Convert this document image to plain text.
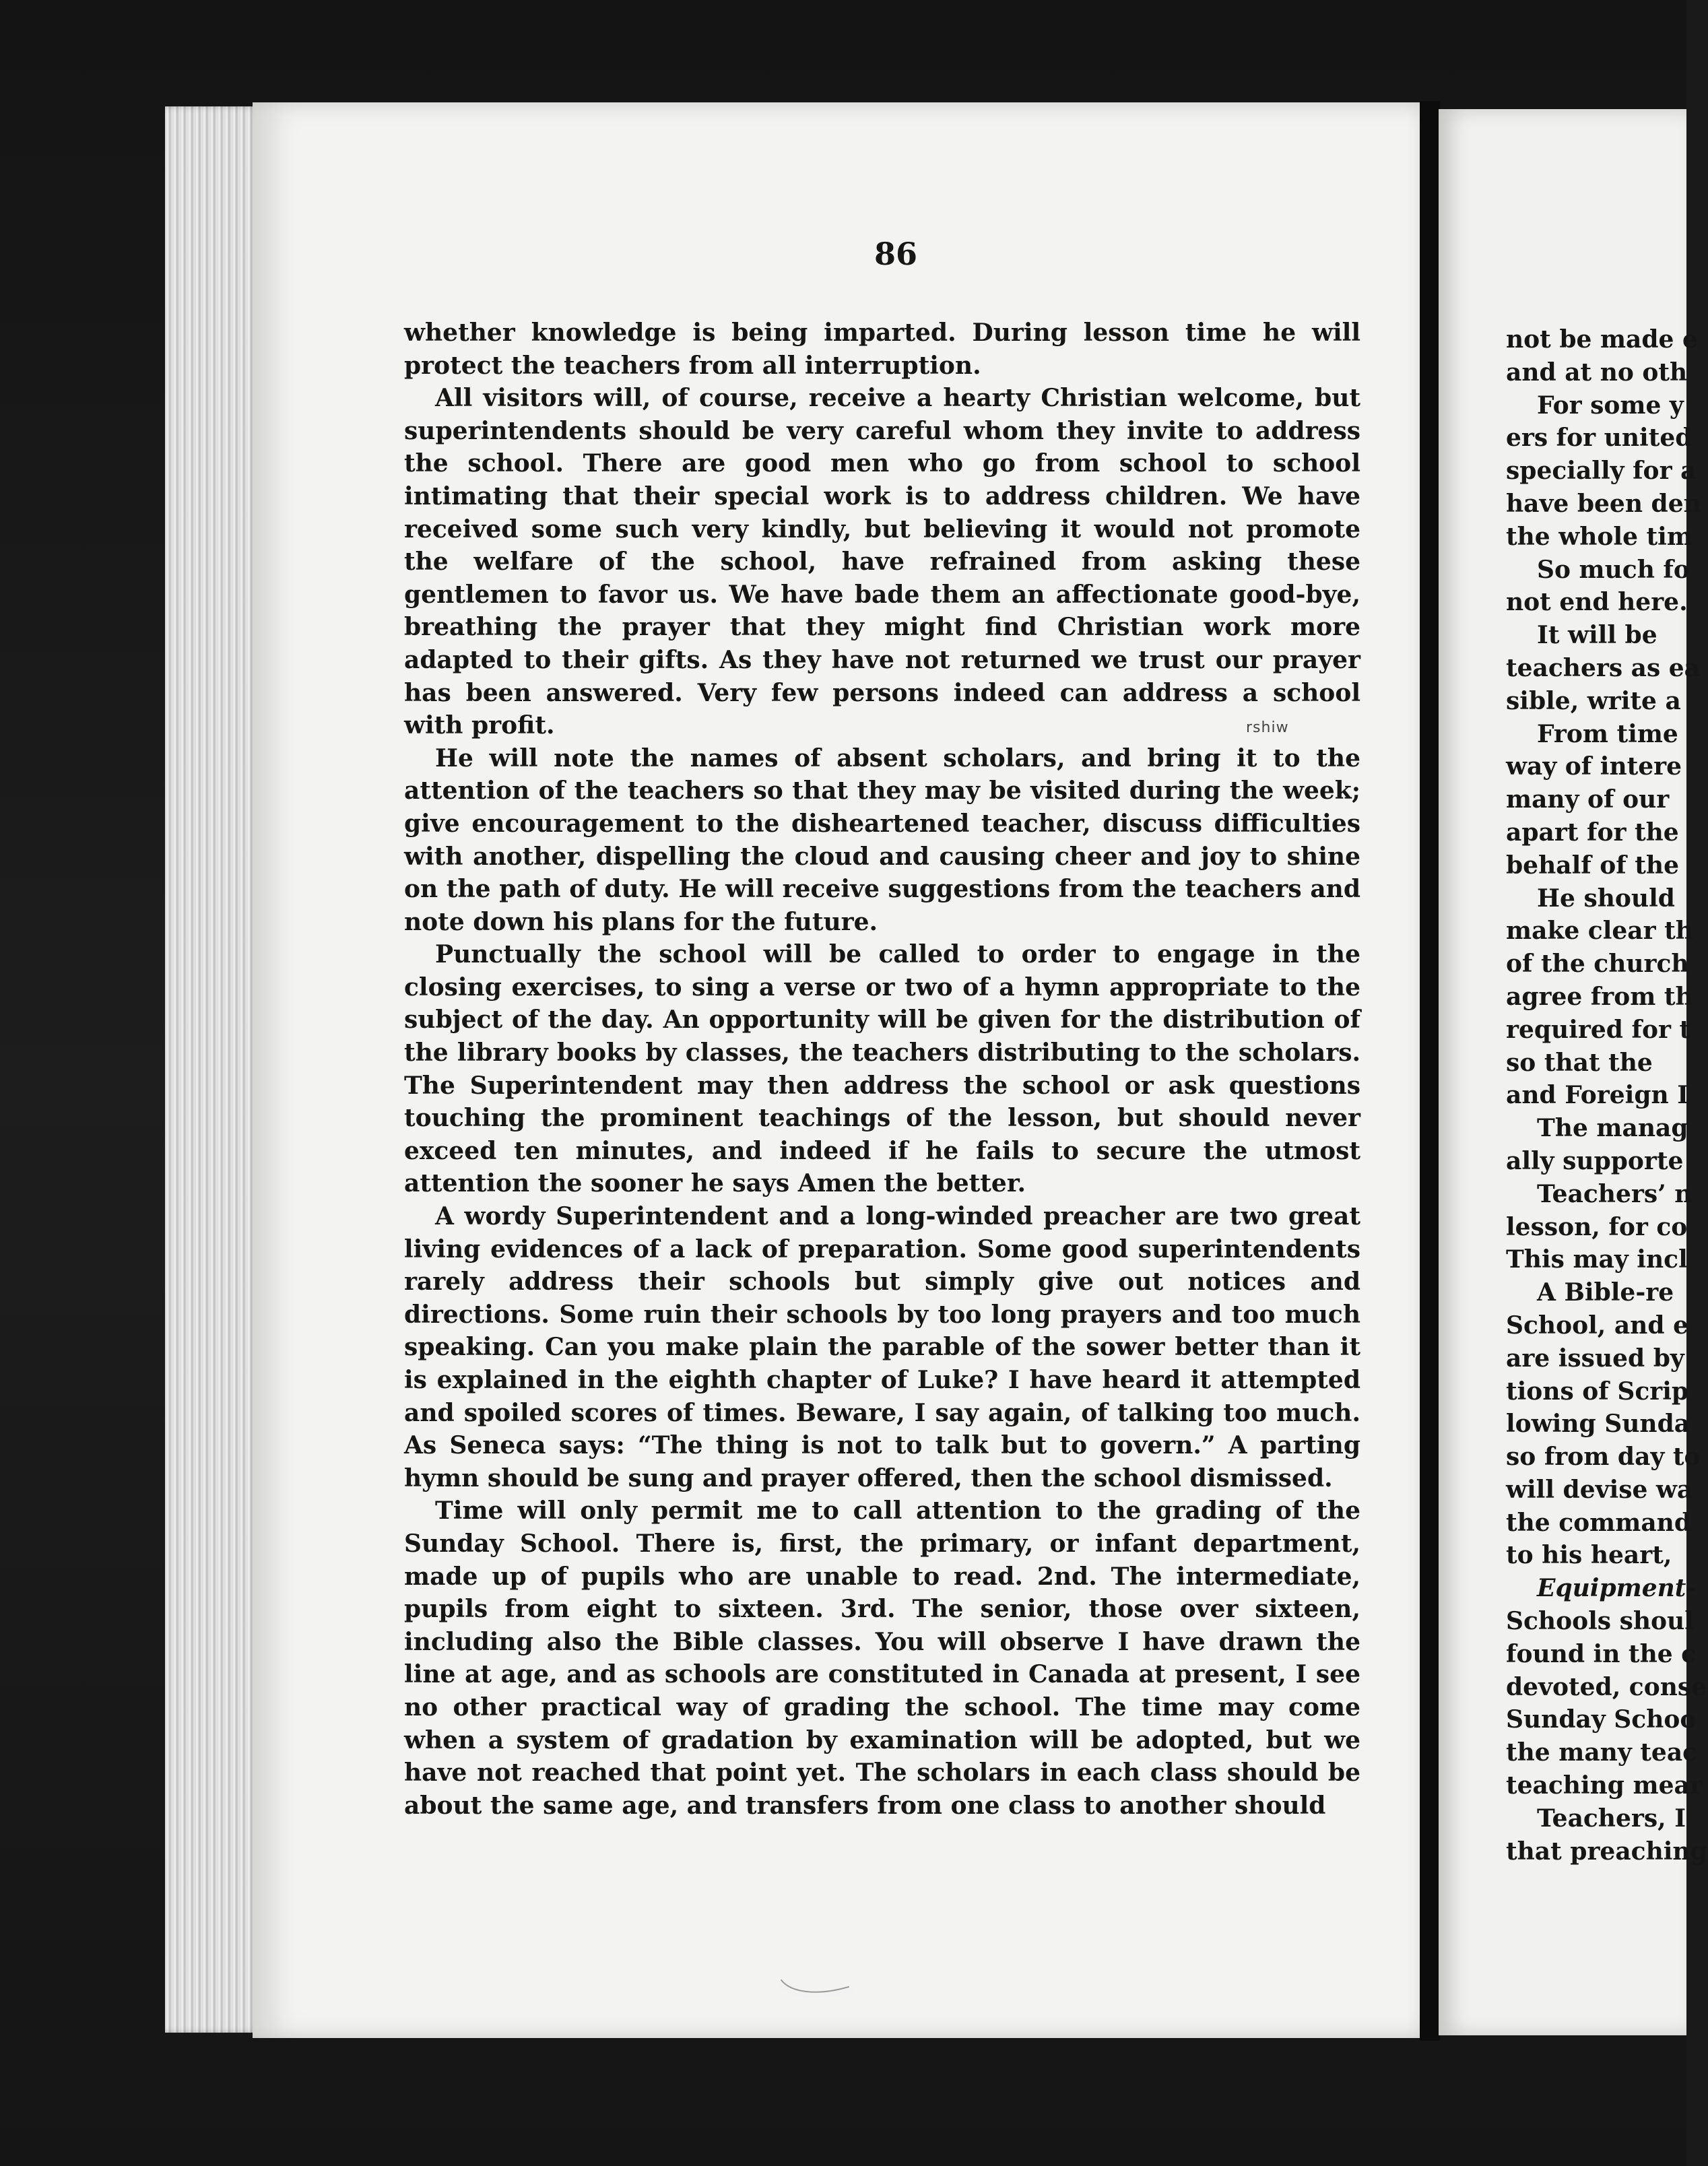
86

whether knowledge is being imparted. During lesson time he will protect the teachers from all interruption.

All visitors will, of course, receive a hearty Christian welcome, but superintendents should be very careful whom they invite to address the school. There are good men who go from school to school intimating that their special work is to address children. We have received some such very kindly, but believing it would not promote the welfare of the school, have refrained from asking these gentlemen to favor us. We have bade them an affectionate good-bye, breathing the prayer that they might find Christian work more adapted to their gifts. As they have not returned we trust our prayer has been answered. Very few persons indeed can address a school with profit.

He will note the names of absent scholars, and bring it to the attention of the teachers so that they may be visited during the week; give encouragement to the disheartened teacher, discuss difficulties with another, dispelling the cloud and causing cheer and joy to shine on the path of duty. He will receive suggestions from the teachers and note down his plans for the future.

Punctually the school will be called to order to engage in the closing exercises, to sing a verse or two of a hymn appropriate to the subject of the day. An opportunity will be given for the distribution of the library books by classes, the teachers distributing to the scholars. The Superintendent may then address the school or ask questions touching the prominent teachings of the lesson, but should never exceed ten minutes, and indeed if he fails to secure the utmost attention the sooner he says Amen the better.

A wordy Superintendent and a long-winded preacher are two great living evidences of a lack of preparation. Some good superintendents rarely address their schools but simply give out notices and directions. Some ruin their schools by too long prayers and too much speaking. Can you make plain the parable of the sower better than it is explained in the eighth chapter of Luke? I have heard it attempted and spoiled scores of times. Beware, I say again, of talking too much. As Seneca says: “The thing is not to talk but to govern.” A parting hymn should be sung and prayer offered, then the school dismissed.

Time will only permit me to call attention to the grading of the Sunday School. There is, first, the primary, or infant department, made up of pupils who are unable to read. 2nd. The intermediate, pupils from eight to sixteen. 3rd. The senior, those over sixteen, including also the Bible classes. You will observe I have drawn the line at age, and as schools are constituted in Canada at present, I see no other practical way of grading the school. The time may come when a system of gradation by examination will be adopted, but we have not reached that point yet. The scholars in each class should be about the same age, and transfers from one class to another should

rshiw
not be made e
and at no oth
For some y
ers for united
specially for a
have been den
the whole tim
So much fo
not end here.
It will be
teachers as ea
sible, write a
From time
way of intere
many of our
apart for the
behalf of the
He should
make clear th
of the church
agree from th
required for t
so that the
and Foreign I
The manag
ally supporte
Teachers’ n
lesson, for co
This may incl
A Bible-re
School, and e
are issued by
tions of Scrip
lowing Sunda
so from day to
will devise wa
the command
to his heart,
Equipment-
Schools shoul
found in the c
devoted, conse
Sunday Schoo
the many teac
teaching mear
Teachers, I
that preaching
